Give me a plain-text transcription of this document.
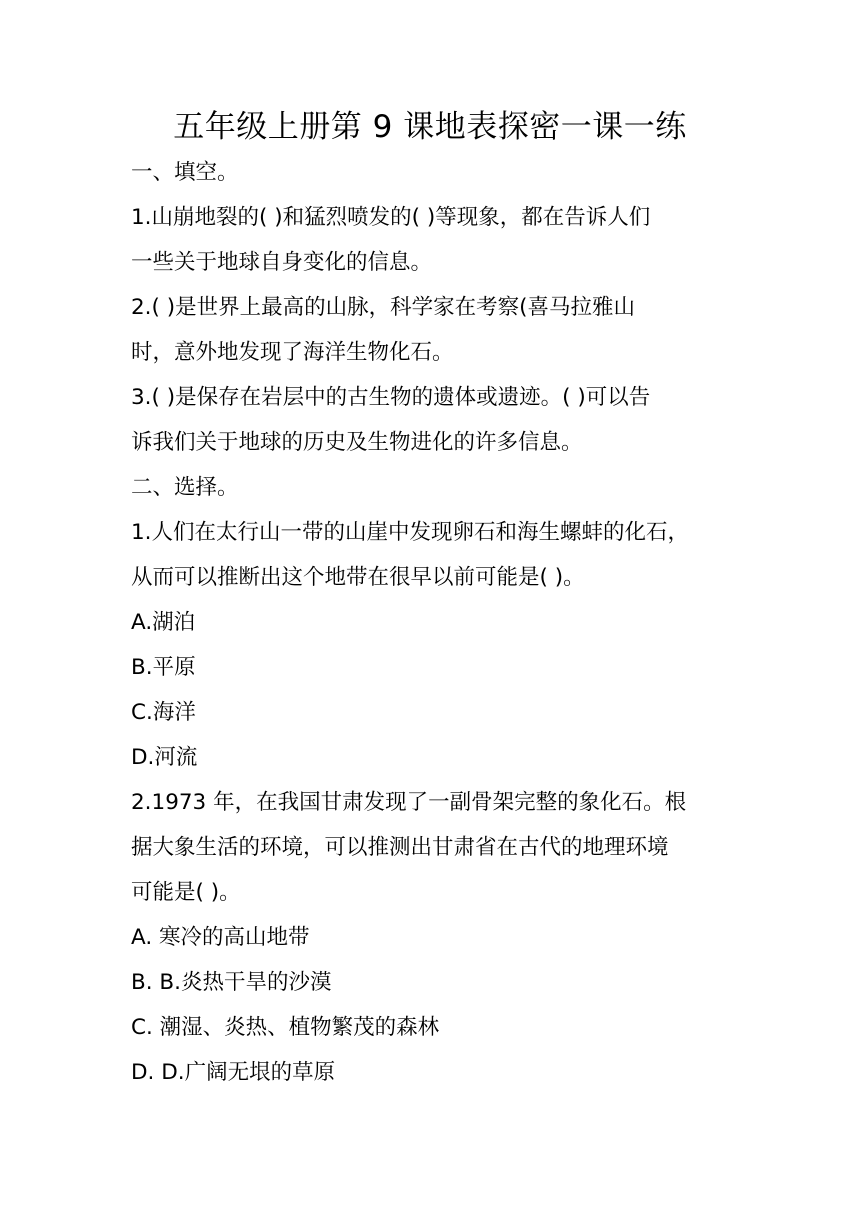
五年级上册第 9 课地表探密一课一练
一、填空。
1.山崩地裂的( )和猛烈喷发的( )等现象，都在告诉人们
一些关于地球自身变化的信息。
2.( )是世界上最高的山脉，科学家在考察(喜马拉雅山
时，意外地发现了海洋生物化石。
3.( )是保存在岩层中的古生物的遗体或遗迹。( )可以告
诉我们关于地球的历史及生物进化的许多信息。
二、选择。
1.人们在太行山一带的山崖中发现卵石和海生螺蚌的化石，
从而可以推断出这个地带在很早以前可能是( )。
A.湖泊
B.平原
C.海洋
D.河流
2.1973 年，在我国甘肃发现了一副骨架完整的象化石。根
据大象生活的环境，可以推测出甘肃省在古代的地理环境
可能是( )。
A. 寒冷的高山地带
B. B.炎热干旱的沙漠
C. 潮湿、炎热、植物繁茂的森林
D. D.广阔无垠的草原
